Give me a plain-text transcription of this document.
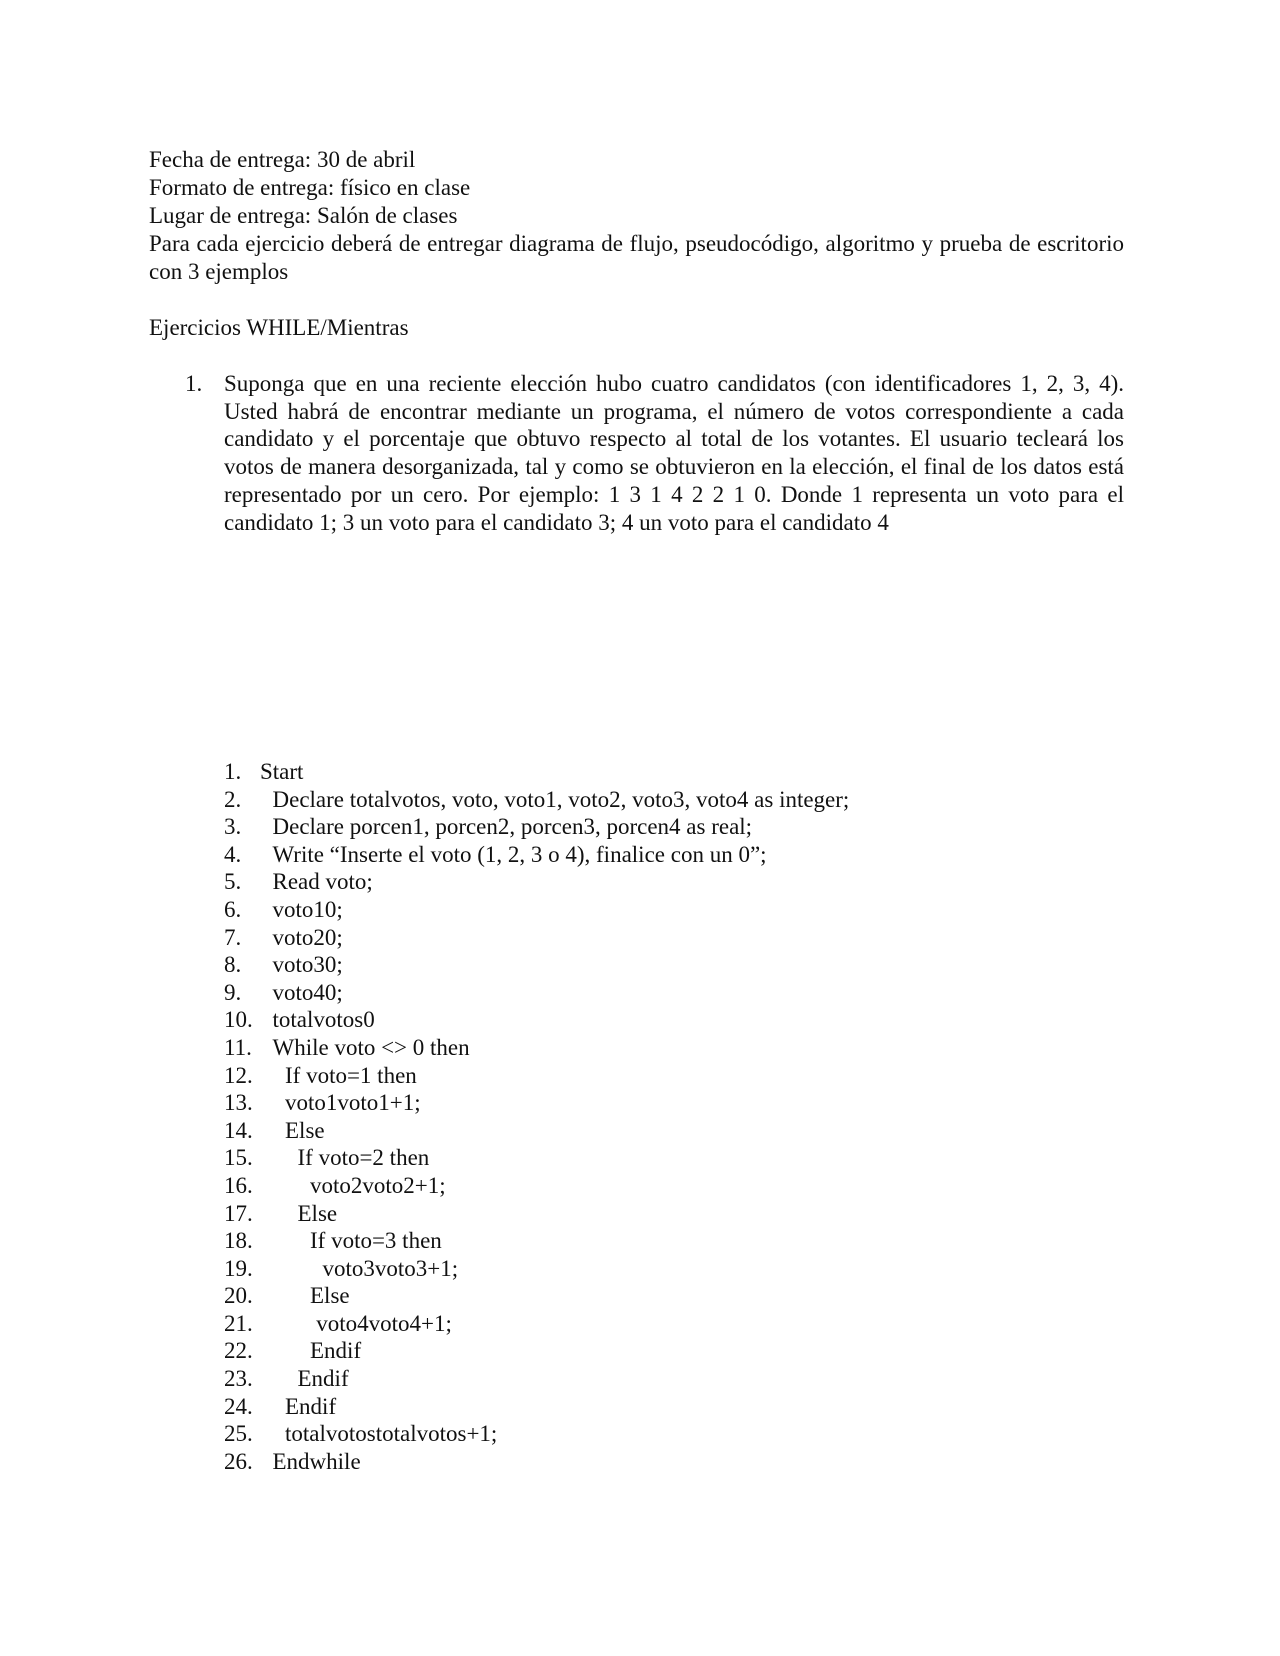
Fecha de entrega: 30 de abril
Formato de entrega: físico en clase
Lugar de entrega: Salón de clases
Para cada ejercicio deberá de entregar diagrama de flujo, pseudocódigo, algoritmo y prueba de escritorio con 3 ejemplos
Ejercicios WHILE/Mientras
1. Suponga que en una reciente elección hubo cuatro candidatos (con identificadores 1, 2, 3, 4). Usted habrá de encontrar mediante un programa, el número de votos correspondiente a cada candidato y el porcentaje que obtuvo respecto al total de los votantes. El usuario tecleará los votos de manera desorganizada, tal y como se obtuvieron en la elección, el final de los datos está representado por un cero. Por ejemplo: 1 3 1 4 2 2 1 0. Donde 1 representa un voto para el candidato 1; 3 un voto para el candidato 3; 4 un voto para el candidato 4
1. Start
2.	Declare totalvotos, voto, voto1, voto2, voto3, voto4 as integer;
3.	Declare porcen1, porcen2, porcen3, porcen4 as real;
4.	Write “Inserte el voto (1, 2, 3 o 4), finalice con un 0”;
5.	Read voto;
6.	voto10;
7.	voto20;
8.	voto30;
9.	voto40;
10. totalvotos0
11. While voto <> 0 then
12.	If voto=1 then
13.	voto1voto1+1;
14.	Else
15.	If voto=2 then
16.	voto2voto2+1;
17.	Else
18.	If voto=3 then
19.	voto3voto3+1;
20.	Else
21.	voto4voto4+1;
22.	Endif
23.	Endif
24.	Endif
25.	totalvotostotalvotos+1;
26. Endwhile
